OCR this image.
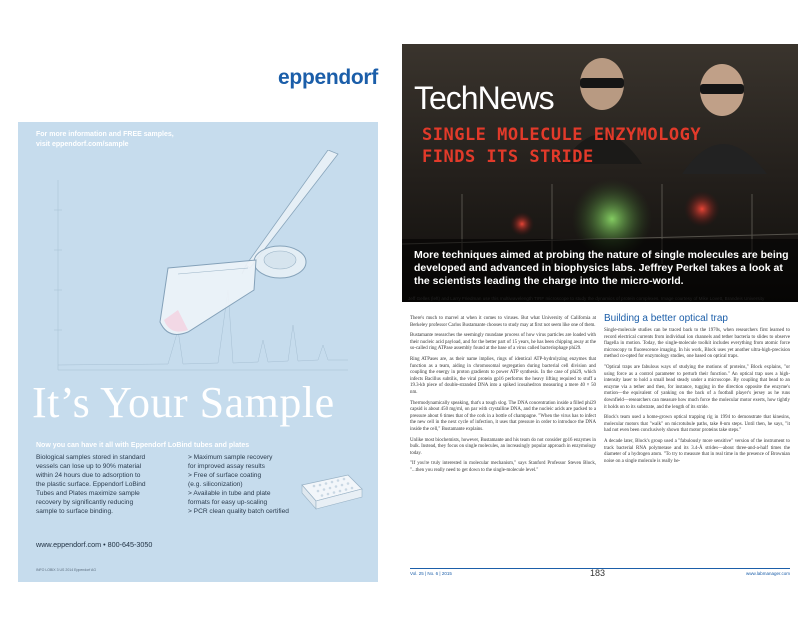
eppendorf
For more information and FREE samples,
visit eppendorf.com/sample
It’s Your Sample
Now you can have it all with Eppendorf LoBind tubes and plates
Biological samples stored in standard
vessels can lose up to 90% material
within 24 hours due to adsorption to
the plastic surface. Eppendorf LoBind
Tubes and Plates maximize sample
recovery by significantly reducing
sample to surface binding.
> Maximum sample recovery
for improved assay results
> Free of surface coating
(e.g. siliconization)
> Available in tube and plate
formats for easy up-scaling
> PCR clean quality batch certified
www.eppendorf.com • 800-645-3050
INFO LOBIX 3 US 2014 Eppendorf AG
TechNews
SINGLE MOLECULE ENZYMOLOGY
FINDS ITS STRIDE
More techniques aimed at probing the nature of single molecules are being developed and advanced in biophysics labs. Jeffrey Perkel takes a look at the scientists leading the charge into the micro-world.
Jeff Gelles (left) and Larry Friedman use this multiwavelength TIRF microscope to study the dynamics of protein complexes. Image courtesy of Mike Lovett, Brandeis University

There's much to marvel at when it comes to viruses. But what University of California at Berkeley professor Carlos Bustamante chooses to study may at first not seem like one of them.

Bustamante researches the seemingly mundane process of how virus particles are loaded with their nucleic acid payload, and for the better part of 15 years, he has been chipping away at the so-called ring ATPase assembly found at the base of a virus called bacteriophage phi29.

Ring ATPases are, as their name implies, rings of identical ATP-hydrolyzing enzymes that function as a team, aiding in chromosomal segregation during bacterial cell division and coupling the energy in proton gradients to power ATP synthesis. In the case of phi29, which infects Bacillus subtilis, the viral protein gp16 performs the heavy lifting required to stuff a 19.3-kb piece of double-stranded DNA into a spiked icosahedron measuring a mere 40 × 50 nm.

Thermodynamically speaking, that's a tough slog. The DNA concentration inside a filled phi29 capsid is about 450 mg/ml, on par with crystalline DNA, and the nucleic acids are packed to a pressure about 6 times that of the cork in a bottle of champagne. "When the virus has to infect the new cell in the next cycle of infection, it uses that pressure in order to introduce the DNA inside the cell," Bustamante explains.

Unlike most biochemists, however, Bustamante and his team do not consider gp16 enzymes in bulk. Instead, they focus on single molecules, an increasingly popular approach in enzymology today.

"If you're truly interested in molecular mechanism," says Stanford Professor Steven Block, "...then you really need to get down to the single-molecule level."

Building a better optical trap

Single-molecule studies can be traced back to the 1970s, when researchers first learned to record electrical currents from individual ion channels and tether bacteria to slides to observe flagella in motion. Today, the single-molecule toolkit includes everything from atomic force microscopy to fluorescence imaging. In his work, Block uses yet another ultra-high-precision method co-opted for enzymology studies, one based on optical traps.

"Optical traps are fabulous ways of studying the motions of proteins," Block explains, "or using force as a control parameter to perturb their function." An optical trap uses a high-intensity laser to hold a small bead steady under a microscope. By coupling that bead to an enzyme via a tether and then, for instance, tugging in the direction opposite the enzyme's motion—the equivalent of yanking on the back of a football player's jersey as he runs downfield—researchers can measure how much force the molecular motor exerts, how tightly it holds on to its substrate, and the length of its stride.

Block's team used a home-grown optical trapping rig in 1994 to demonstrate that kinesins, molecular motors that "walk" on microtubule paths, take 8-nm steps. Until then, he says, "it had not even been conclusively shown that motor proteins take steps."

A decade later, Block's group used a "fabulously more sensitive" version of the instrument to track bacterial RNA polymerase and its 3.4-Å strides—about three-and-a-half times the diameter of a hydrogen atom. "To try to measure that in real time in the presence of Brownian noise on a single molecule is really he-

Vol. 25 | No. 6 | 2015	183	www.labmanager.com
